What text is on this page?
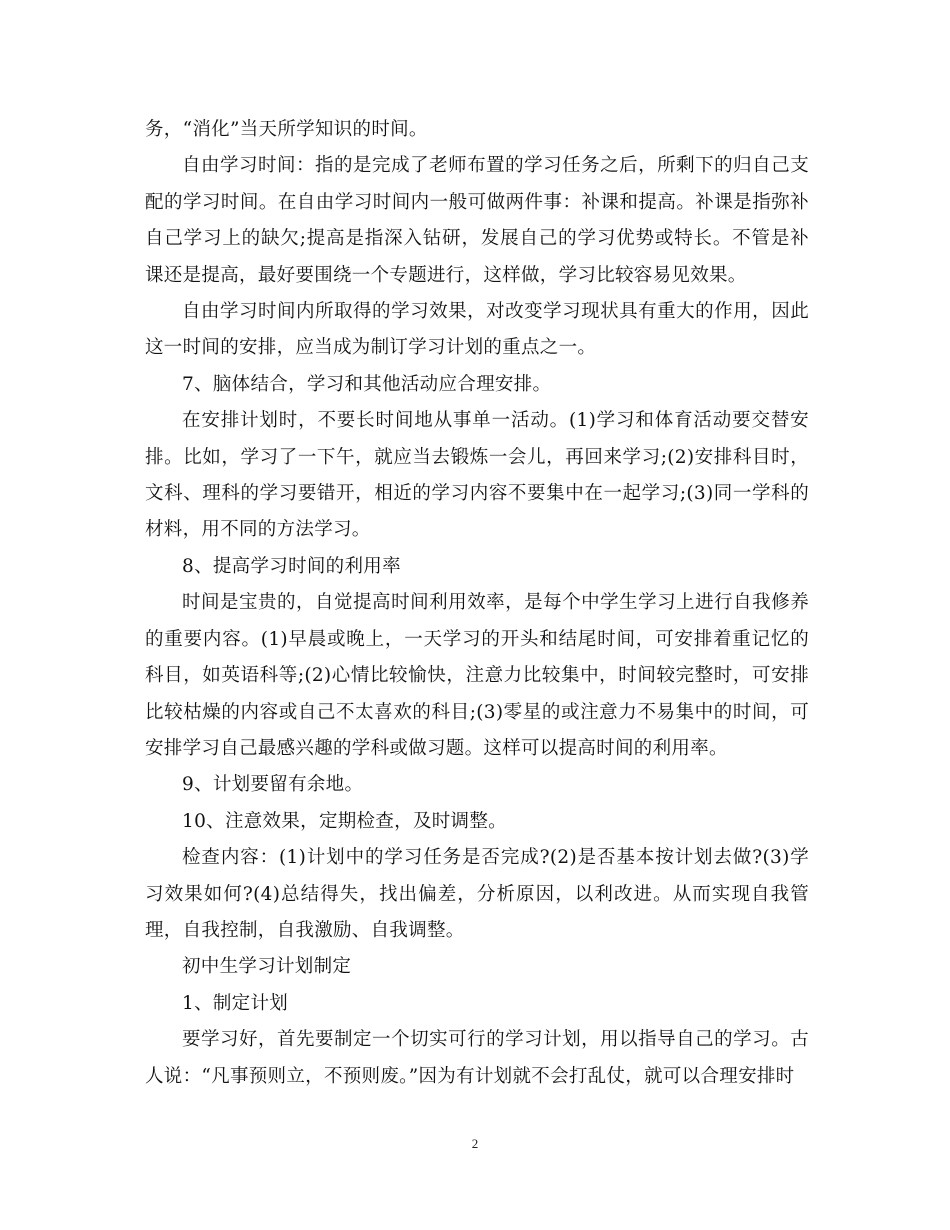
务，“消化”当天所学知识的时间。

自由学习时间：指的是完成了老师布置的学习任务之后，所剩下的归自己支配的学习时间。在自由学习时间内一般可做两件事：补课和提高。补课是指弥补自己学习上的缺欠;提高是指深入钻研，发展自己的学习优势或特长。不管是补课还是提高，最好要围绕一个专题进行，这样做，学习比较容易见效果。

自由学习时间内所取得的学习效果，对改变学习现状具有重大的作用，因此这一时间的安排，应当成为制订学习计划的重点之一。

7、脑体结合，学习和其他活动应合理安排。

在安排计划时，不要长时间地从事单一活动。(1)学习和体育活动要交替安排。比如，学习了一下午，就应当去锻炼一会儿，再回来学习;(2)安排科目时，文科、理科的学习要错开，相近的学习内容不要集中在一起学习;(3)同一学科的材料，用不同的方法学习。

8、提高学习时间的利用率

时间是宝贵的，自觉提高时间利用效率，是每个中学生学习上进行自我修养的重要内容。(1)早晨或晚上，一天学习的开头和结尾时间，可安排着重记忆的科目，如英语科等;(2)心情比较愉快，注意力比较集中，时间较完整时，可安排比较枯燥的内容或自己不太喜欢的科目;(3)零星的或注意力不易集中的时间，可安排学习自己最感兴趣的学科或做习题。这样可以提高时间的利用率。

9、计划要留有余地。

10、注意效果，定期检查，及时调整。

检查内容：(1)计划中的学习任务是否完成?(2)是否基本按计划去做?(3)学习效果如何?(4)总结得失，找出偏差，分析原因，以利改进。从而实现自我管理，自我控制，自我激励、自我调整。

初中生学习计划制定

1、制定计划

要学习好，首先要制定一个切实可行的学习计划，用以指导自己的学习。古人说：“凡事预则立，不预则废。”因为有计划就不会打乱仗，就可以合理安排时

2
